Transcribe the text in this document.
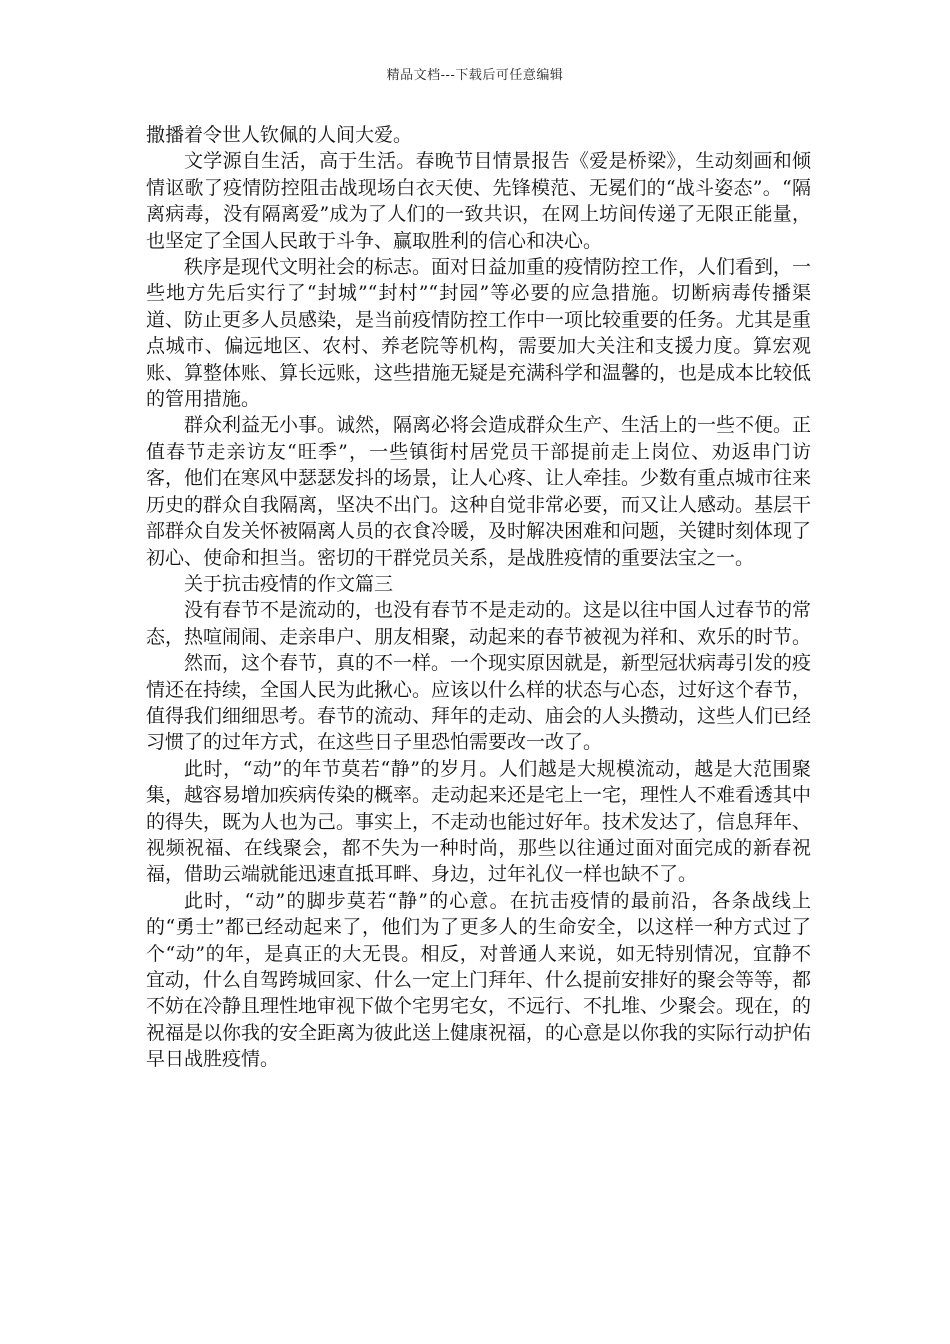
精品文档---下载后可任意编辑

撒播着令世人钦佩的人间大爱。

文学源自生活，高于生活。春晚节目情景报告《爱是桥梁》，生动刻画和倾情讴歌了疫情防控阻击战现场白衣天使、先锋模范、无冕们的“战斗姿态”。“隔离病毒，没有隔离爱”成为了人们的一致共识，在网上坊间传递了无限正能量，也坚定了全国人民敢于斗争、赢取胜利的信心和决心。

秩序是现代文明社会的标志。面对日益加重的疫情防控工作，人们看到，一些地方先后实行了“封城”“封村”“封园”等必要的应急措施。切断病毒传播渠道、防止更多人员感染，是当前疫情防控工作中一项比较重要的任务。尤其是重点城市、偏远地区、农村、养老院等机构，需要加大关注和支援力度。算宏观账、算整体账、算长远账，这些措施无疑是充满科学和温馨的，也是成本比较低的管用措施。

群众利益无小事。诚然，隔离必将会造成群众生产、生活上的一些不便。正值春节走亲访友“旺季”，一些镇街村居党员干部提前走上岗位、劝返串门访客，他们在寒风中瑟瑟发抖的场景，让人心疼、让人牵挂。少数有重点城市往来历史的群众自我隔离，坚决不出门。这种自觉非常必要，而又让人感动。基层干部群众自发关怀被隔离人员的衣食冷暖，及时解决困难和问题，关键时刻体现了初心、使命和担当。密切的干群党员关系，是战胜疫情的重要法宝之一。

关于抗击疫情的作文篇三

没有春节不是流动的，也没有春节不是走动的。这是以往中国人过春节的常态，热喧闹闹、走亲串户、朋友相聚，动起来的春节被视为祥和、欢乐的时节。

然而，这个春节，真的不一样。一个现实原因就是，新型冠状病毒引发的疫情还在持续，全国人民为此揪心。应该以什么样的状态与心态，过好这个春节，值得我们细细思考。春节的流动、拜年的走动、庙会的人头攒动，这些人们已经习惯了的过年方式，在这些日子里恐怕需要改一改了。

此时，“动”的年节莫若“静”的岁月。人们越是大规模流动，越是大范围聚集，越容易增加疾病传染的概率。走动起来还是宅上一宅，理性人不难看透其中的得失，既为人也为己。事实上，不走动也能过好年。技术发达了，信息拜年、视频祝福、在线聚会，都不失为一种时尚，那些以往通过面对面完成的新春祝福，借助云端就能迅速直抵耳畔、身边，过年礼仪一样也缺不了。

此时，“动”的脚步莫若“静”的心意。在抗击疫情的最前沿，各条战线上的“勇士”都已经动起来了，他们为了更多人的生命安全，以这样一种方式过了个“动”的年，是真正的大无畏。相反，对普通人来说，如无特别情况，宜静不宜动，什么自驾跨城回家、什么一定上门拜年、什么提前安排好的聚会等等，都不妨在冷静且理性地审视下做个宅男宅女，不远行、不扎堆、少聚会。现在，的祝福是以你我的安全距离为彼此送上健康祝福，的心意是以你我的实际行动护佑早日战胜疫情。
